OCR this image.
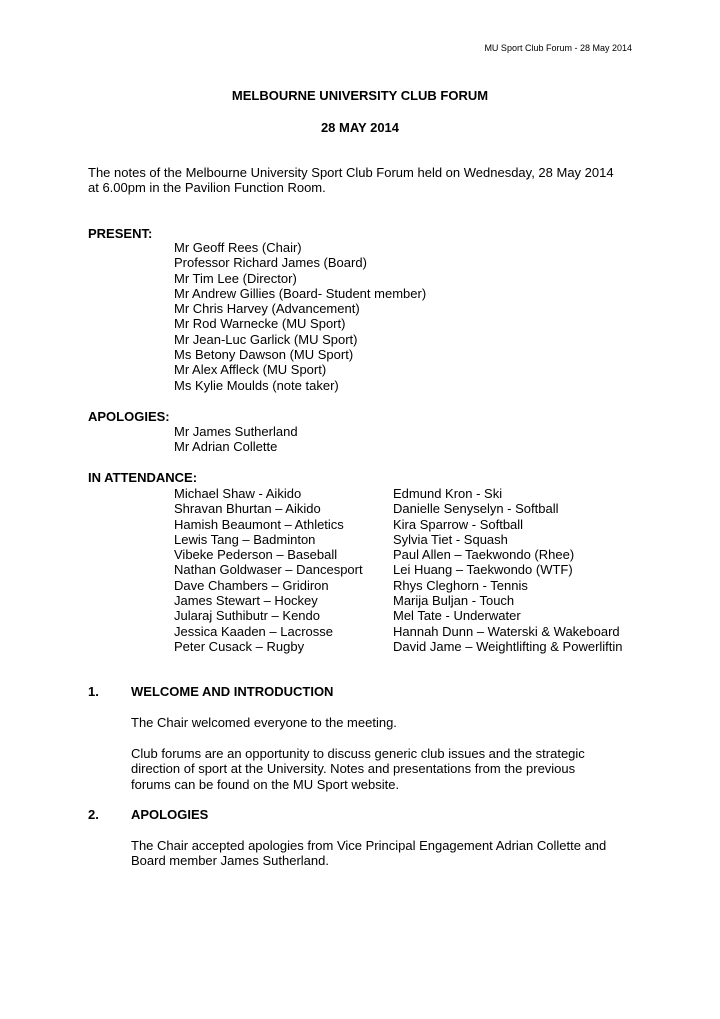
MU Sport Club Forum - 28 May 2014
MELBOURNE UNIVERSITY CLUB FORUM
28 MAY 2014
The notes of the Melbourne University Sport Club Forum held on Wednesday, 28 May 2014
at 6.00pm in the Pavilion Function Room.
PRESENT:
Mr Geoff Rees (Chair)
Professor Richard James (Board)
Mr Tim Lee (Director)
Mr Andrew Gillies (Board- Student member)
Mr Chris Harvey (Advancement)
Mr Rod Warnecke (MU Sport)
Mr Jean-Luc Garlick (MU Sport)
Ms Betony Dawson (MU Sport)
Mr Alex Affleck (MU Sport)
Ms Kylie Moulds (note taker)
APOLOGIES:
Mr James Sutherland
Mr Adrian Collette
IN ATTENDANCE:
Michael Shaw - Aikido
Shravan Bhurtan – Aikido
Hamish Beaumont – Athletics
Lewis Tang – Badminton
Vibeke Pederson – Baseball
Nathan Goldwaser – Dancesport
Dave Chambers – Gridiron
James Stewart – Hockey
Jularaj Suthibutr – Kendo
Jessica Kaaden – Lacrosse
Peter Cusack – Rugby
Edmund Kron - Ski
Danielle Senyselyn - Softball
Kira Sparrow - Softball
Sylvia Tiet - Squash
Paul Allen – Taekwondo (Rhee)
Lei Huang – Taekwondo (WTF)
Rhys Cleghorn - Tennis
Marija Buljan - Touch
Mel Tate - Underwater
Hannah Dunn – Waterski & Wakeboard
David Jame – Weightlifting & Powerliftin
1. WELCOME AND INTRODUCTION
The Chair welcomed everyone to the meeting.
Club forums are an opportunity to discuss generic club issues and the strategic
direction of sport at the University. Notes and presentations from the previous
forums can be found on the MU Sport website.
2. APOLOGIES
The Chair accepted apologies from Vice Principal Engagement Adrian Collette and
Board member James Sutherland.
